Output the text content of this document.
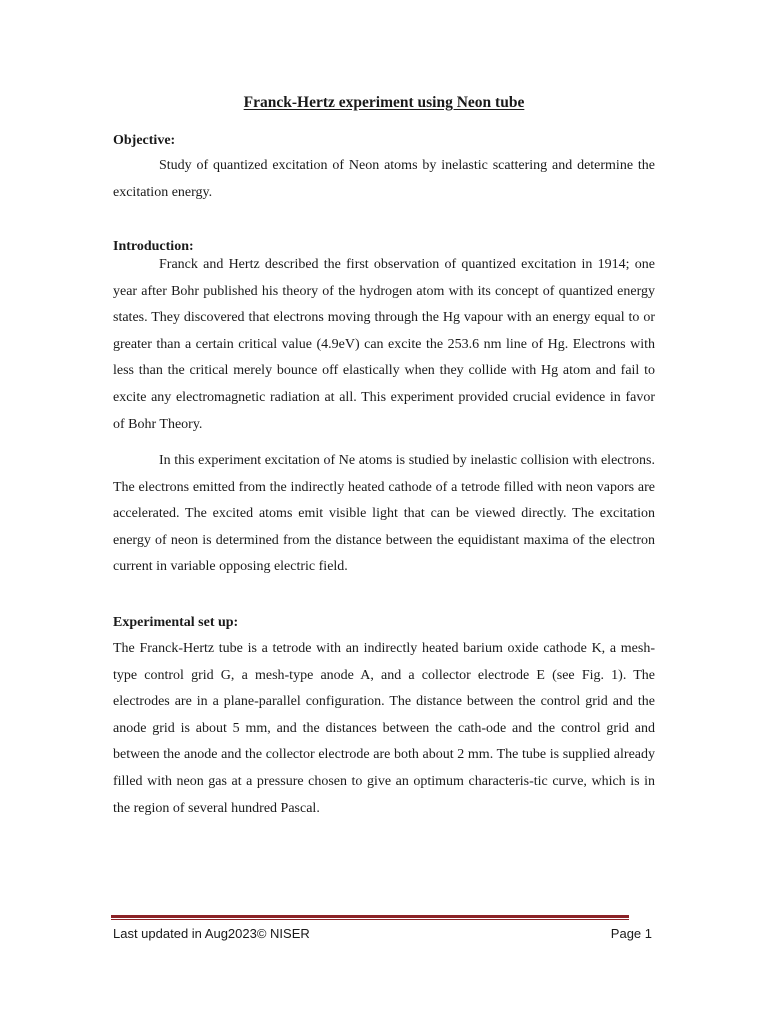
Franck-Hertz experiment using Neon tube
Objective:

Study of quantized excitation of Neon atoms by inelastic scattering and determine the excitation energy.

Introduction:

Franck and Hertz described the first observation of quantized excitation in 1914; one year after Bohr published his theory of the hydrogen atom with its concept of quantized energy states. They discovered that electrons moving through the Hg vapour with an energy equal to or greater than a certain critical value (4.9eV) can excite the 253.6 nm line of Hg. Electrons with less than the critical merely bounce off elastically when they collide with Hg atom and fail to excite any electromagnetic radiation at all. This experiment provided crucial evidence in favor of Bohr Theory.

In this experiment excitation of Ne atoms is studied by inelastic collision with electrons. The electrons emitted from the indirectly heated cathode of a tetrode filled with neon vapors are accelerated. The excited atoms emit visible light that can be viewed directly. The excitation energy of neon is determined from the distance between the equidistant maxima of the electron current in variable opposing electric field.

Experimental set up:

The Franck-Hertz tube is a tetrode with an indirectly heated barium oxide cathode K, a mesh-type control grid G, a mesh-type anode A, and a collector electrode E (see Fig. 1). The electrodes are in a plane-parallel configuration. The distance between the control grid and the anode grid is about 5 mm, and the distances between the cath-ode and the control grid and between the anode and the collector electrode are both about 2 mm. The tube is supplied already filled with neon gas at a pressure chosen to give an optimum characteris-tic curve, which is in the region of several hundred Pascal.

Last updated in Aug2023© NISER	Page 1
